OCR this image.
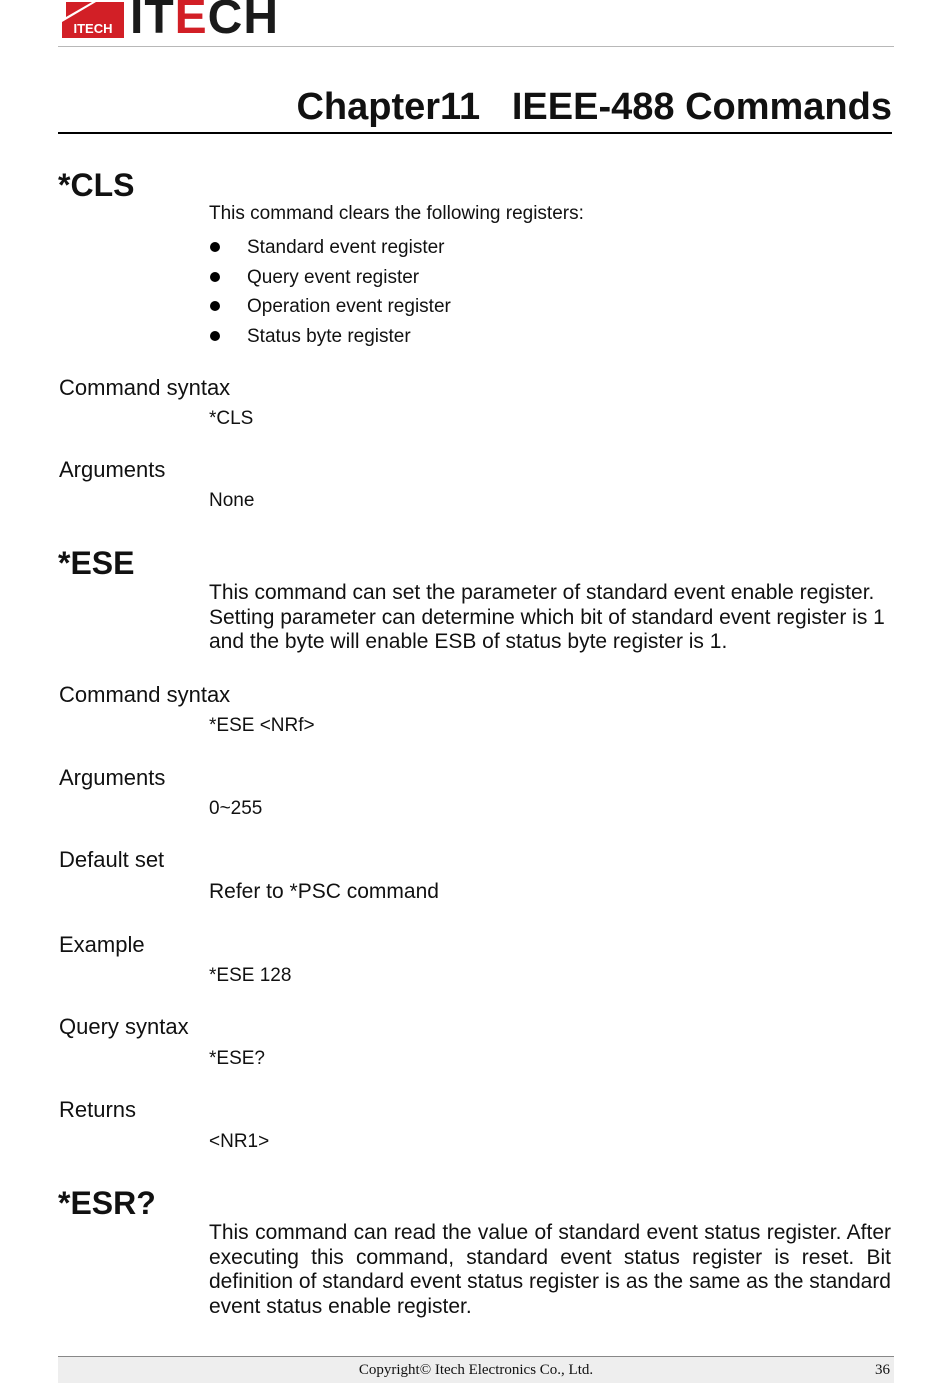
ITECH ITECH
Chapter11   IEEE-488 Commands
*CLS
This command clears the following registers:
Standard event register
Query event register
Operation event register
Status byte register
Command syntax
*CLS
Arguments
None
*ESE
This command can set the parameter of standard event enable register. Setting parameter can determine which bit of standard event register is 1 and the byte will enable ESB of status byte register is 1.
Command syntax
*ESE <NRf>
Arguments
0~255
Default set
Refer to *PSC command
Example
*ESE 128
Query syntax
*ESE?
Returns
<NR1>
*ESR?
This command can read the value of standard event status register. After executing this command, standard event status register is reset. Bit definition of standard event status register is as the same as the standard event status enable register.
Copyright© Itech Electronics Co., Ltd.	36
